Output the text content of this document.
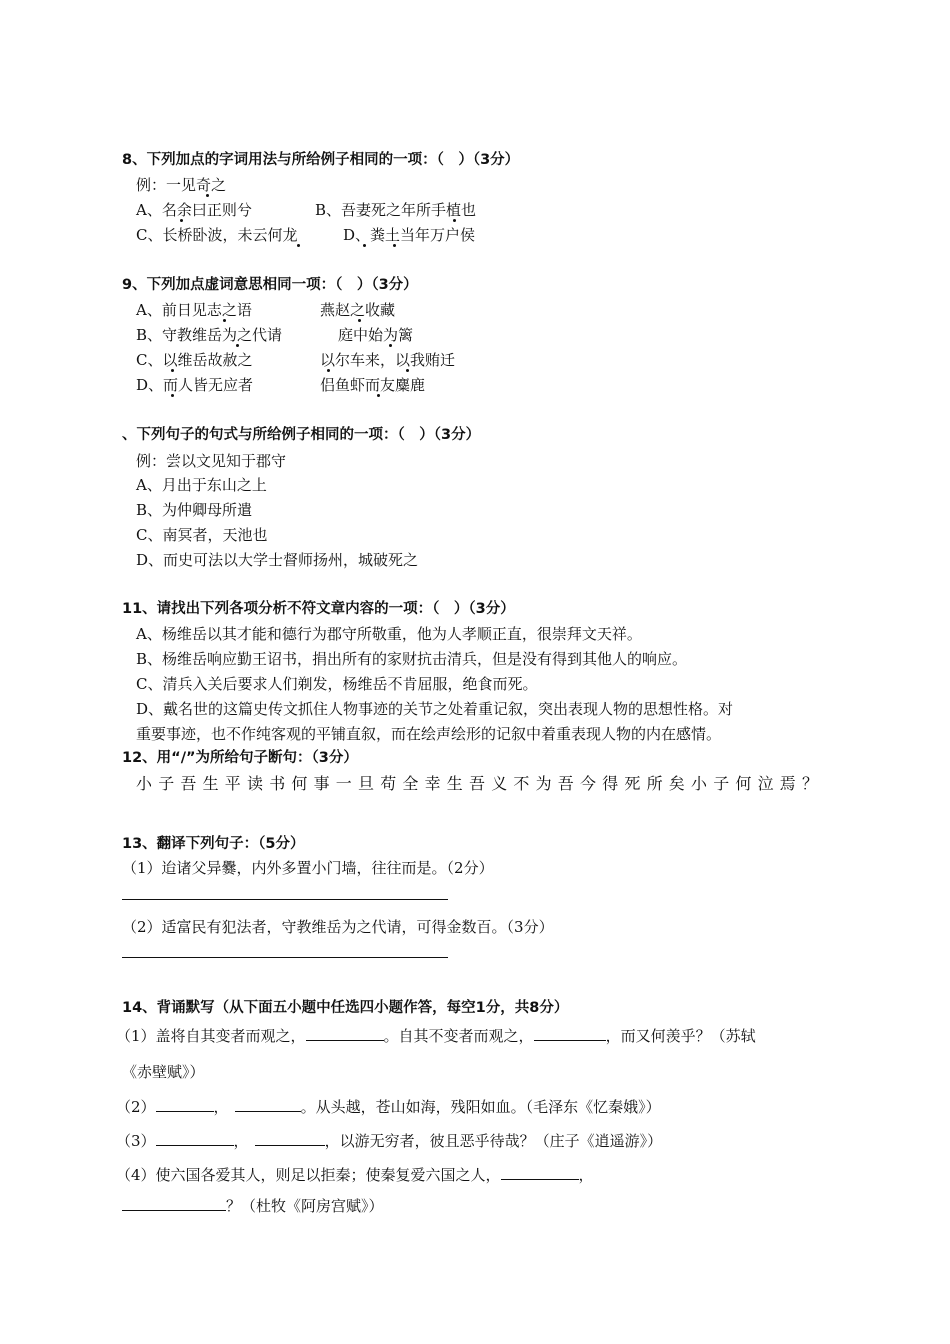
8、下列加点的字词用法与所给例子相同的一项：（　）（3分）
例：一见奇之
A、名余曰正则兮	B、吾妻死之年所手植也
C、长桥卧波，未云何龙	D、粪土当年万户侯
9、下列加点虚词意思相同一项：（　）（3分）
A、前日见志之语	燕赵之收藏
B、守教维岳为之代请	庭中始为篱
C、以维岳故赦之	以尔车来，以我贿迁
D、而人皆无应者	侣鱼虾而友麋鹿
、下列句子的句式与所给例子相同的一项：（　）（3分）
例：尝以文见知于郡守
A、月出于东山之上
B、为仲卿母所遣
C、南冥者，天池也
D、而史可法以大学士督师扬州，城破死之
11、请找出下列各项分析不符文章内容的一项：（　）（3分）
A、杨维岳以其才能和德行为郡守所敬重，他为人孝顺正直，很崇拜文天祥。
B、杨维岳响应勤王诏书，捐出所有的家财抗击清兵，但是没有得到其他人的响应。
C、清兵入关后要求人们剃发，杨维岳不肯屈服，绝食而死。
D、戴名世的这篇史传文抓住人物事迹的关节之处着重记叙，突出表现人物的思想性格。对
重要事迹，也不作纯客观的平铺直叙，而在绘声绘形的记叙中着重表现人物的内在感情。
12、用“/”为所给句子断句：（3分）
小子吾生平读书何事一旦苟全幸生吾义不为吾今得死所矣小子何泣焉？
13、翻译下列句子：（5分）
（1）迨诸父异爨，内外多置小门墙，往往而是。（2分）
（2）适富民有犯法者，守教维岳为之代请，可得金数百。（3分）
14、背诵默写（从下面五小题中任选四小题作答，每空1分，共8分）
（1）盖将自其变者而观之，	。自其不变者而观之，	，而又何羡乎？（苏轼
《赤壁赋》）
（2）	，	。从头越，苍山如海，残阳如血。（毛泽东《忆秦娥》）
（3）	，	，以游无穷者，彼且恶乎待哉？（庄子《逍遥游》）
（4）使六国各爱其人，则足以拒秦；使秦复爱六国之人，	，
？（杜牧《阿房宫赋》）
